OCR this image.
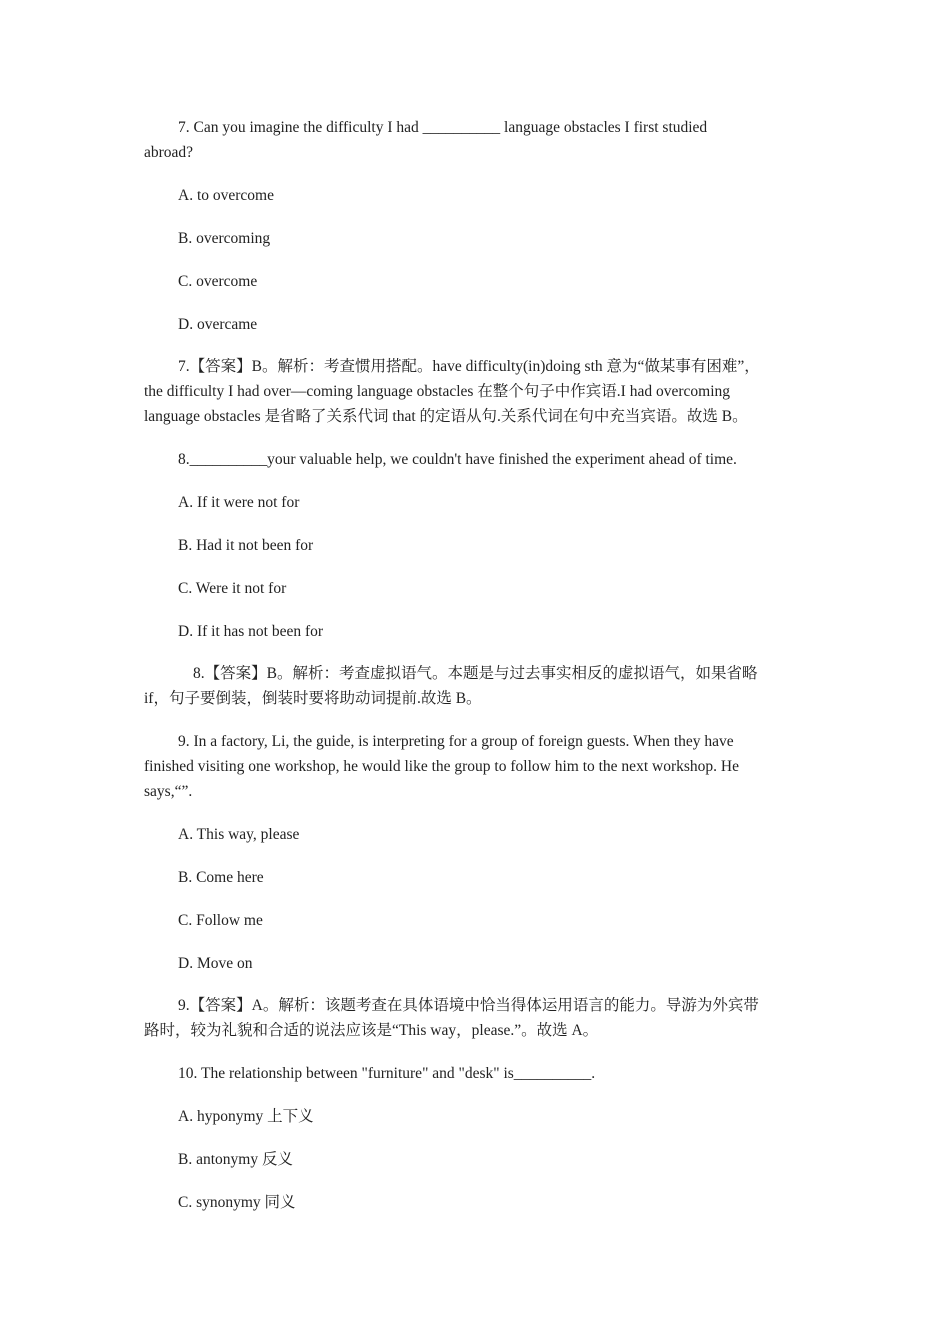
7. Can you imagine the difficulty I had __________ language obstacles I first studied
abroad?
A. to overcome
B. overcoming
C. overcome
D. overcame
7.【答案】B。解析：考查惯用搭配。have difficulty(in)doing sth 意为“做某事有困难”，
the difficulty I had over—coming language obstacles 在整个句子中作宾语.I had overcoming
language obstacles 是省略了关系代词 that 的定语从句.关系代词在句中充当宾语。故选 B。
8.__________your valuable help, we couldn't have finished the experiment ahead of time.
A. If it were not for
B. Had it not been for
C. Were it not for
D. If it has not been for
8.【答案】B。解析：考查虚拟语气。本题是与过去事实相反的虚拟语气，如果省略
if，句子要倒装，倒装时要将助动词提前.故选 B。
9. In a factory, Li, the guide, is interpreting for a group of foreign guests. When they have
finished visiting one workshop, he would like the group to follow him to the next workshop. He
says,“”.
A. This way, please
B. Come here
C. Follow me
D. Move on
9.【答案】A。解析：该题考查在具体语境中恰当得体运用语言的能力。导游为外宾带
路时，较为礼貌和合适的说法应该是“This way，please.”。故选 A。
10. The relationship between "furniture" and "desk" is__________.
A. hyponymy 上下义
B. antonymy 反义
C. synonymy 同义
